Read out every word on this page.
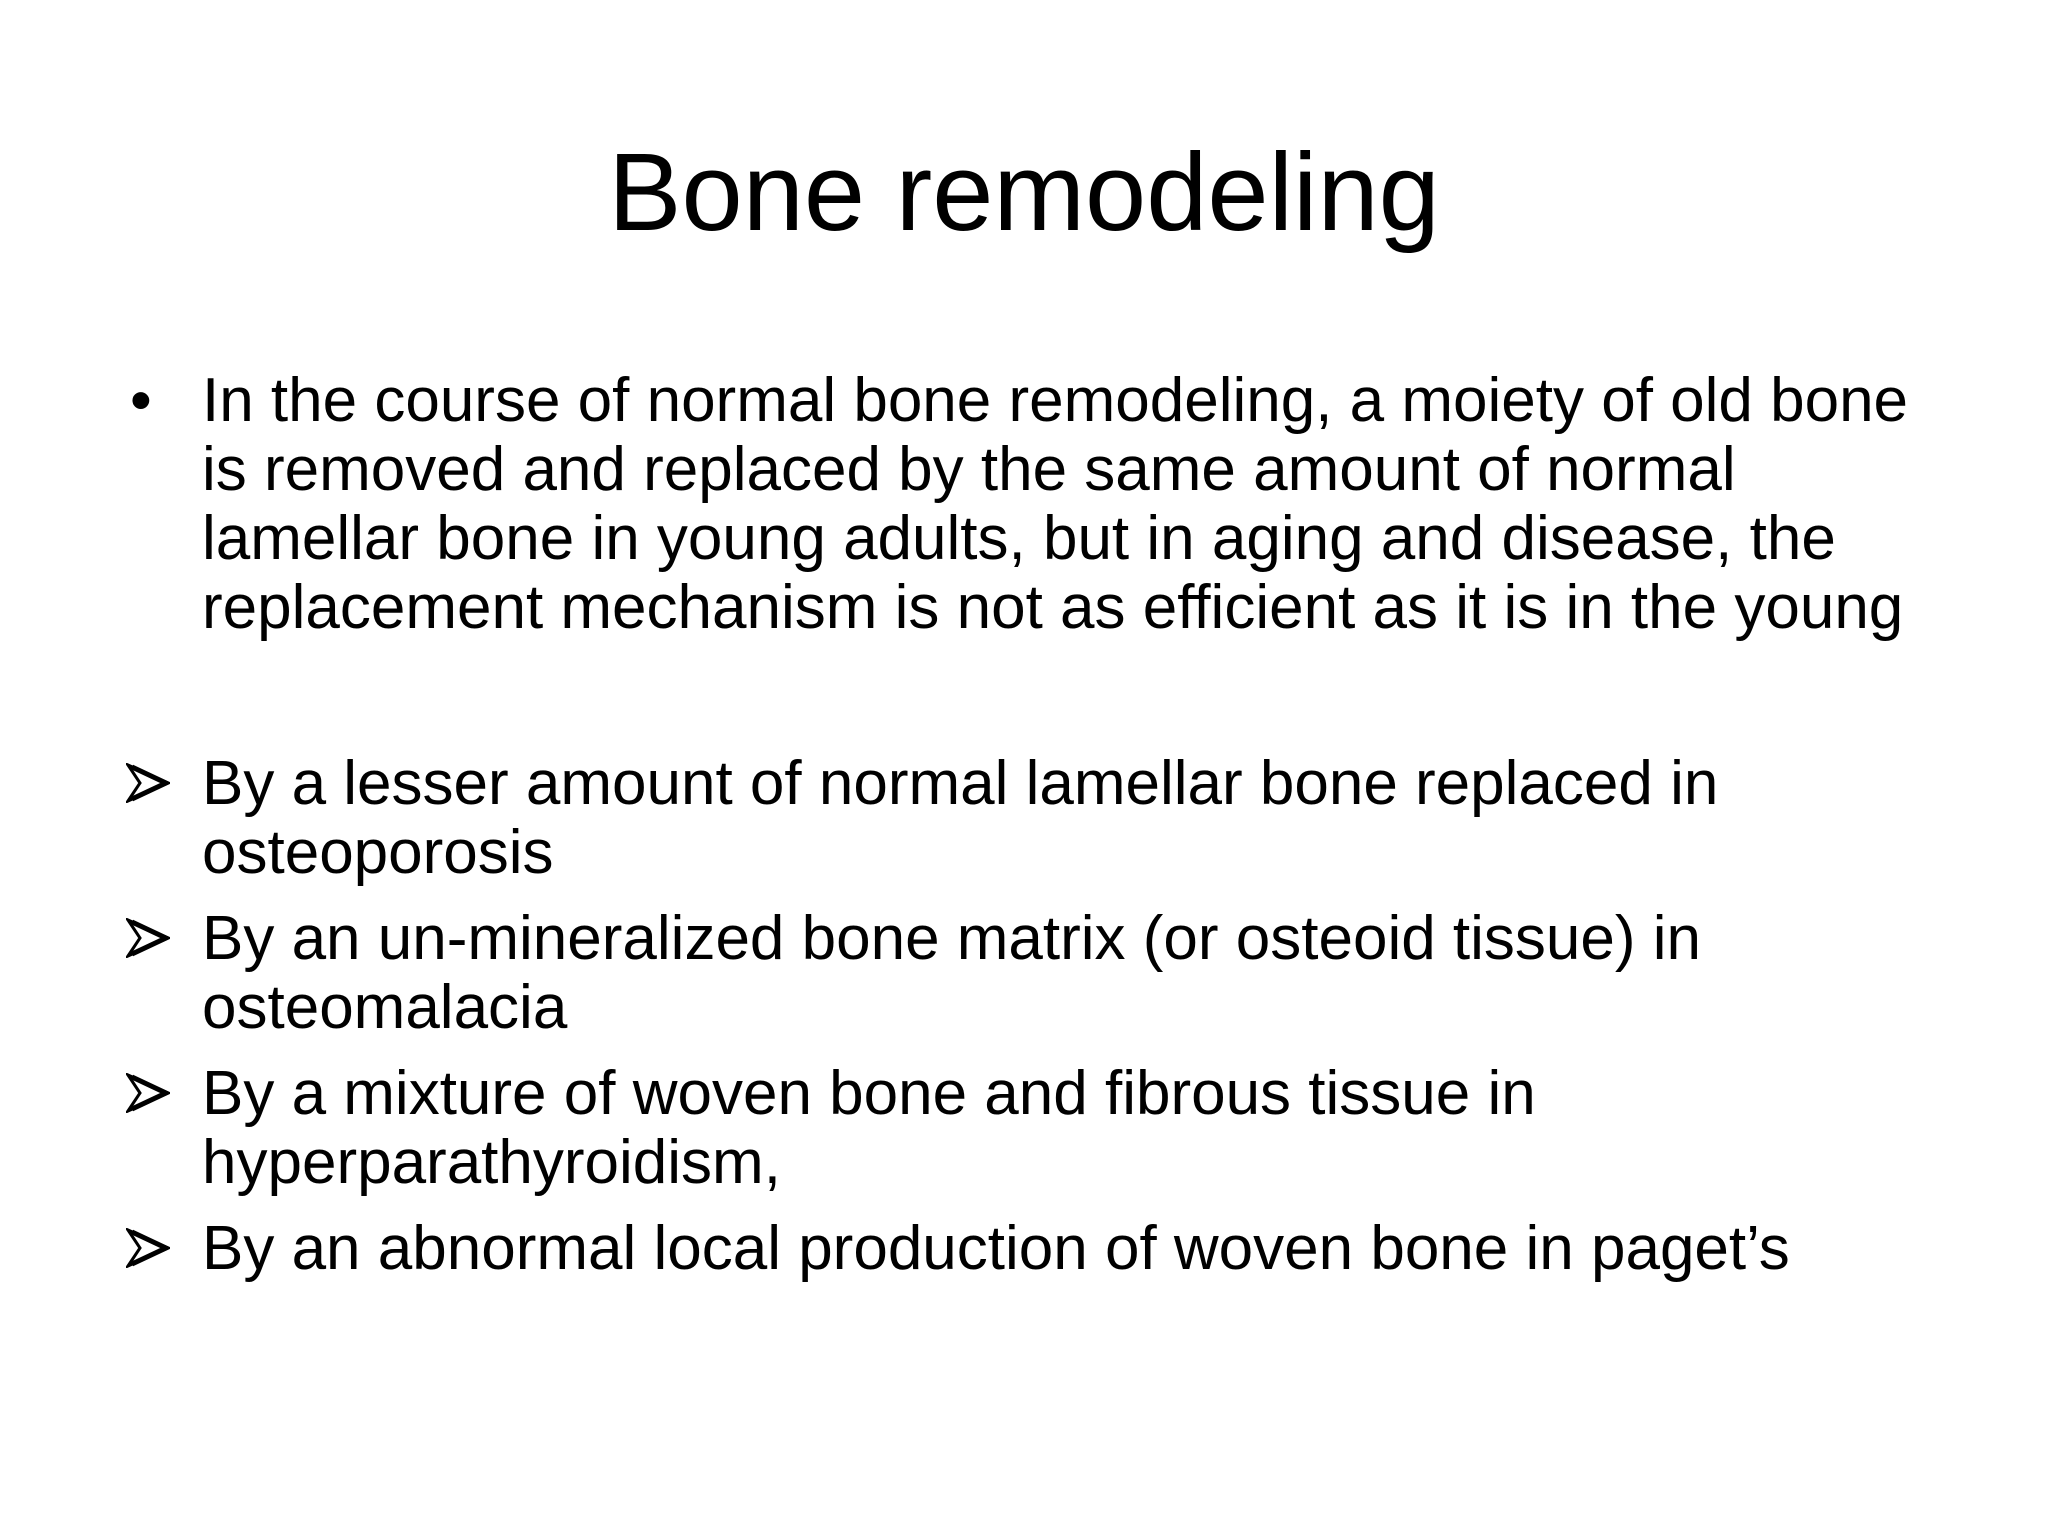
Bone remodeling
• In the course of normal bone remodeling, a moiety of old bone is removed and replaced by the same amount of normal lamellar bone in young adults, but in aging and disease, the replacement mechanism is not as efficient as it is in the young
By a lesser amount of normal lamellar bone replaced in osteoporosis
By an un-mineralized bone matrix (or osteoid tissue) in osteomalacia
By a mixture of woven bone and fibrous tissue in hyperparathyroidism,
By an abnormal local production of woven bone in paget’s
